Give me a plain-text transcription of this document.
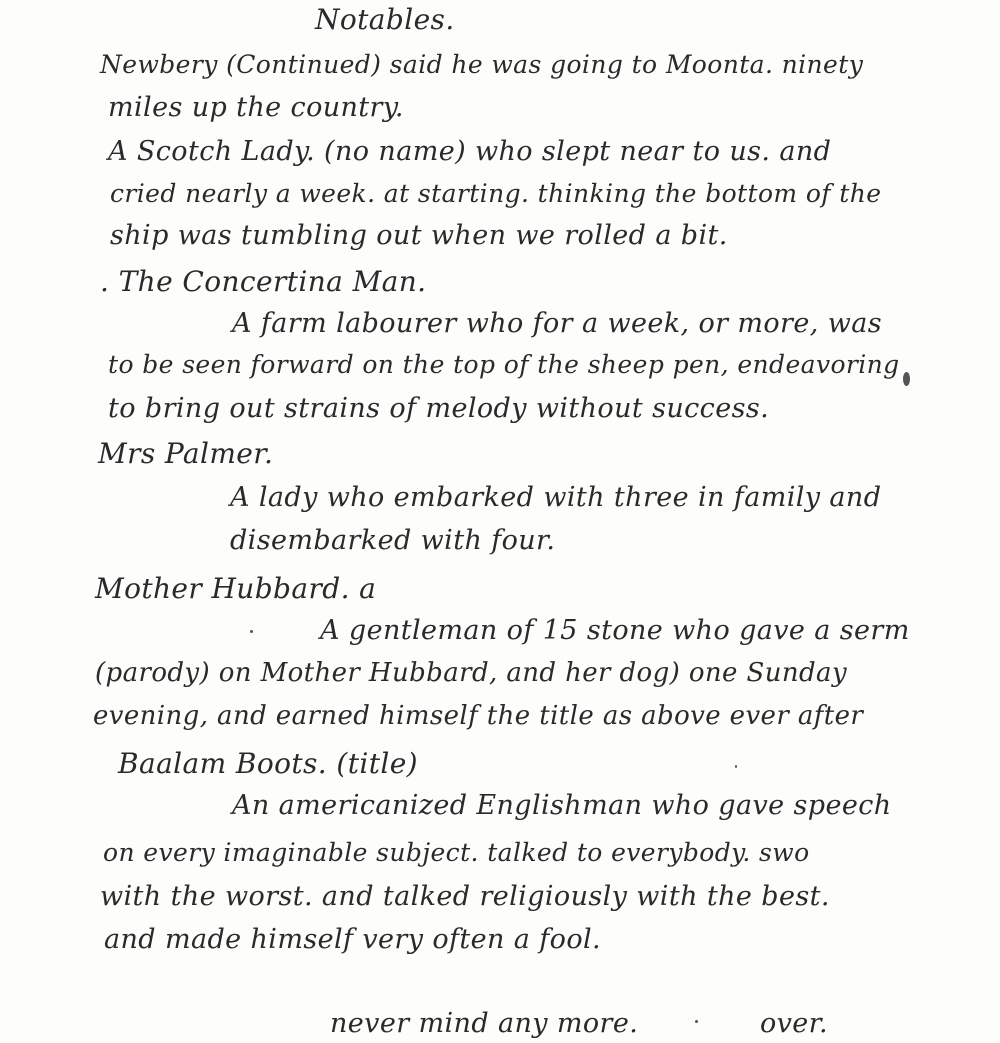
Notables.
Newbery (Continued) said he was going to Moonta. ninety
miles up the country.
A Scotch Lady. (no name) who slept near to us. and
cried nearly a week. at starting. thinking the bottom of the
ship was tumbling out when we rolled a bit.
. The Concertina Man.
A farm labourer who for a week, or more, was
to be seen forward on the top of the sheep pen, endeavoring
to bring out strains of melody without success.
Mrs Palmer.
A lady who embarked with three in family and
disembarked with four.
Mother Hubbard. a
A gentleman of 15 stone who gave a serm
(parody) on Mother Hubbard, and her dog) one Sunday
evening, and earned himself the title as above ever after
Baalam Boots. (title)
An americanized Englishman who gave speech
on every imaginable subject. talked to everybody. swo
with the worst. and talked religiously with the best.
and made himself very often a fool.
never mind any more.	over.
